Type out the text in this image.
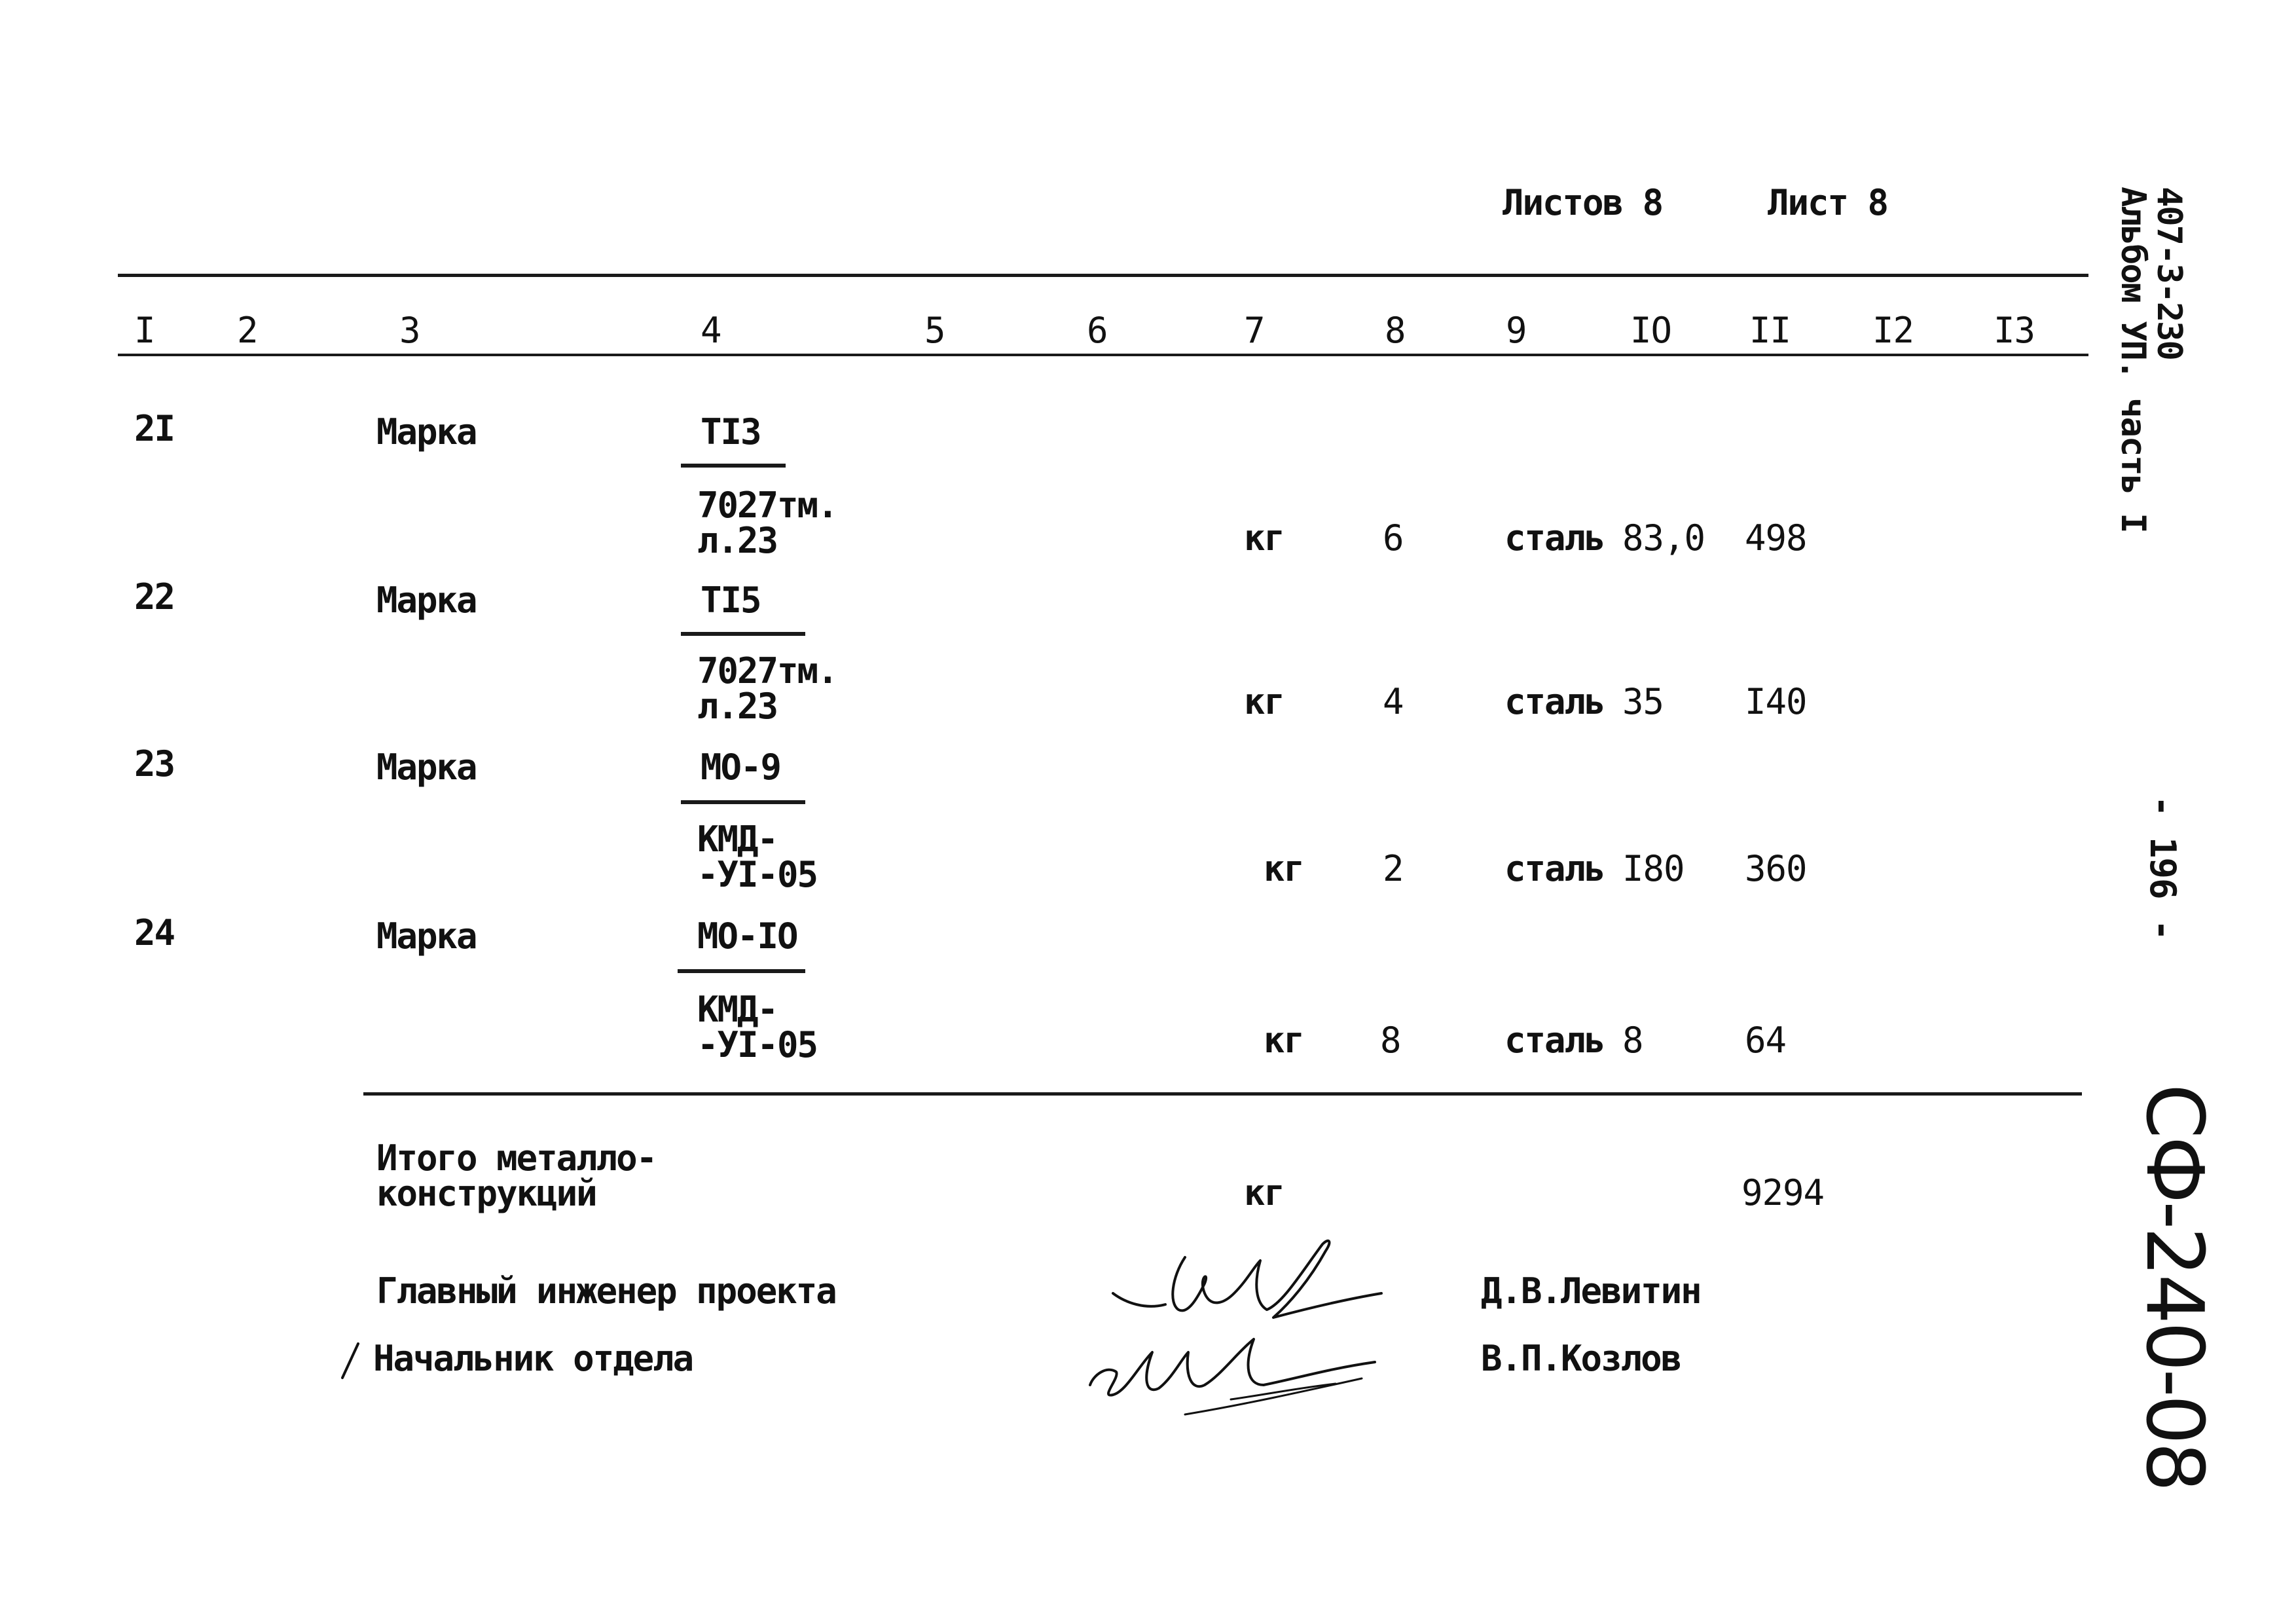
Листов 8	Лист 8	407-3-230
Альбом УП. часть I
- 196 -
СФ-240-08
I 2	3	4	5	6	7	8	9	IO II I2 I3
2I	Марка	TI3
7027тм.
л.23	кг	6	сталь 83,0 498
22	Марка	TI5
7027тм.
л.23	кг	4	сталь 35 I40
23	Марка	МО-9
КМД-
-УI-05	кг 2	сталь I80 360
24	Марка	МО-IO
КМД-
-УI-05	кг 8	сталь 8	64
Итого металло-
конструкций	кг	9294
Главный инженер проекта	Д.В.Левитин
Начальник отдела	В.П.Козлов
